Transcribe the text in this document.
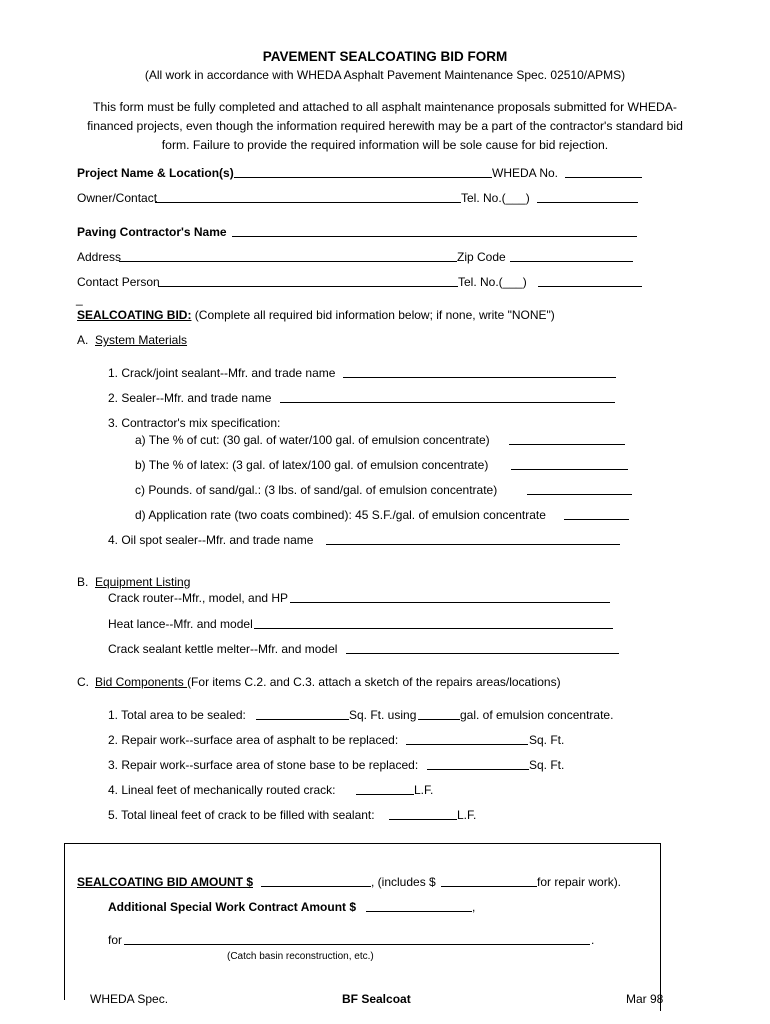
PAVEMENT SEALCOATING BID FORM
(All work in accordance with WHEDA Asphalt Pavement Maintenance Spec. 02510/APMS)
This form must be fully completed and attached to all asphalt maintenance proposals submitted for WHEDA-financed projects, even though the information required herewith may be a part of the contractor's standard bid form. Failure to provide the required information will be sole cause for bid rejection.
Project Name & Location(s)	WHEDA No.
Owner/Contact	Tel. No.(___)
Paving Contractor's Name
Address	Zip Code
Contact Person	Tel. No.(___)
_
SEALCOATING BID: (Complete all required bid information below; if none, write "NONE")
A. System Materials
1. Crack/joint sealant--Mfr. and trade name
2. Sealer--Mfr. and trade name
3. Contractor's mix specification:
a) The % of cut: (30 gal. of water/100 gal. of emulsion concentrate)
b) The % of latex: (3 gal. of latex/100 gal. of emulsion concentrate)
c) Pounds. of sand/gal.: (3 lbs. of sand/gal. of emulsion concentrate)
d) Application rate (two coats combined): 45 S.F./gal. of emulsion concentrate
4. Oil spot sealer--Mfr. and trade name
B. Equipment Listing
Crack router--Mfr., model, and HP
Heat lance--Mfr. and model
Crack sealant kettle melter--Mfr. and model
C. Bid Components (For items C.2. and C.3. attach a sketch of the repairs areas/locations)
1. Total area to be sealed:	Sq. Ft. using	gal. of emulsion concentrate.
2. Repair work--surface area of asphalt to be replaced:	Sq. Ft.
3. Repair work--surface area of stone base to be replaced:	Sq. Ft.
4. Lineal feet of mechanically routed crack:	L.F.
5. Total lineal feet of crack to be filled with sealant:	L.F.
SEALCOATING BID AMOUNT $	, (includes $	for repair work).
Additional Special Work Contract Amount $	,
for	.
(Catch basin reconstruction, etc.)
WHEDA Spec.	BF Sealcoat	Mar 98
